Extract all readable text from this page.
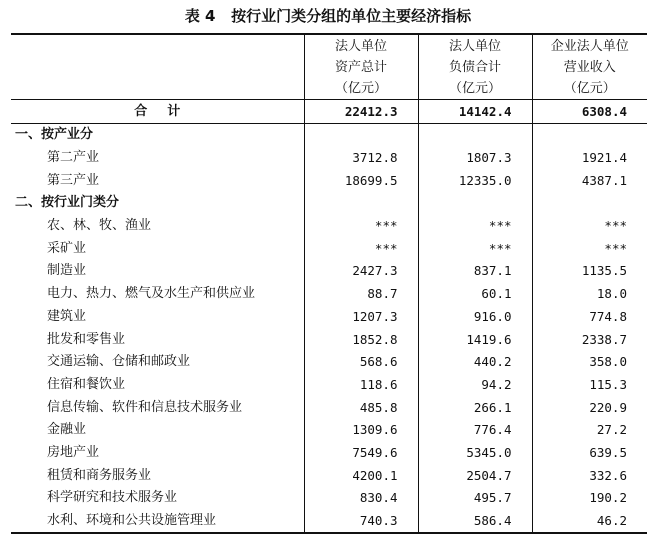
表 4   按行业门类分组的单位主要经济指标

	法人单位
资产总计
（亿元）	法人单位
负债合计
（亿元）	企业法人单位
营业收入
（亿元）

合计	22412.3	14142.4	6308.4
一、按产业分			
第二产业	3712.8	1807.3	1921.4
第三产业	18699.5	12335.0	4387.1
二、按行业门类分			
农、林、牧、渔业	***	***	***
采矿业	***	***	***
制造业	2427.3	837.1	1135.5
电力、热力、燃气及水生产和供应业	88.7	60.1	18.0
建筑业	1207.3	916.0	774.8
批发和零售业	1852.8	1419.6	2338.7
交通运输、仓储和邮政业	568.6	440.2	358.0
住宿和餐饮业	118.6	94.2	115.3
信息传输、软件和信息技术服务业	485.8	266.1	220.9
金融业	1309.6	776.4	27.2
房地产业	7549.6	5345.0	639.5
租赁和商务服务业	4200.1	2504.7	332.6
科学研究和技术服务业	830.4	495.7	190.2
水利、环境和公共设施管理业	740.3	586.4	46.2
